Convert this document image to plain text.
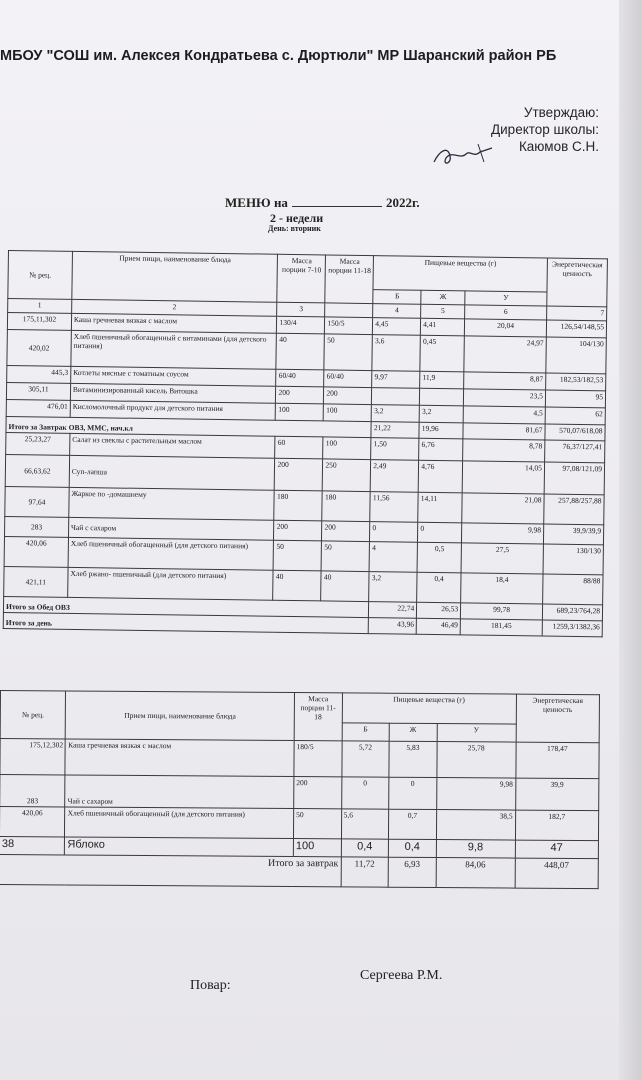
МБОУ "СОШ им. Алексея Кондратьева с. Дюртюли" МР Шаранский район РБ
Утверждаю:
Директор школы:
Каюмов С.Н.
МЕНЮ на	2022г.
2 - недели
День: вторник
№ рец.	Прием пищи, наименование блюда	Масса порции 7-10	Масса порции 11-18	Пищевые вещества (г)			Энергетическая ценность
				Б	Ж	У	
1	2	3		4	5	6	7
175,11,302	Каша гречневая вязкая с маслом	130/4	150/5	4,45	4,41	20,04	126,54/148,55
420,02	Хлеб пшеничный обогащенный с витаминами (для детского питания)	40	50	3,6	0,45	24,97	104/130
445,3	Котлеты мясные с томатным соусом	60/40	60/40	9,97	11,9	8,87	182,53/182,53
305,11	Витаминизированный кисель Витошка	200	200			23,5	95
476,01	Кисломолочный продукт для детского питания	100	100	3,2	3,2	4,5	62
Итого за Завтрак ОВЗ, ММС, нач.кл				21,22	19,96	81,67	570,07/618,08
25,23,27	Салат из свеклы с растительным маслом	60	100	1,50	6,76	8,78	76,37/127,41
66,63,62	Суп-лапша	200	250	2,49	4,76	14,05	97,08/121,09
97,64	Жаркое по -домашнему	180	180	11,56	14,11	21,08	257,88/257,88
283	Чай с сахаром	200	200	0	0	9,98	39,9/39,9
420,06	Хлеб пшеничный обогащенный (для детского питания)	50	50	4	0,5	27,5	130/130
421,11	Хлеб ржано- пшеничный (для детского питания)	40	40	3,2	0,4	18,4	88/88
Итого за Обед ОВЗ				22,74	26,53	99,78	689,23/764,28
Итого за день				43,96	46,49	181,45	1259,3/1382,36
№ рец.	Прием пищи, наименование блюда	Масса порции 11-18	Пищевые вещества (г)			Энергетическая ценность
			Б	Ж	У	
175,12,302	Каша гречневая вязкая с маслом	180/5	5,72	5,83	25,78	178,47
283	Чай с сахаром	200	0	0	9,98	39,9
420,06	Хлеб пшеничный обогащенный (для детского питания)	50	5,6	0,7	38,5	182,7
38	Яблоко	100	0,4	0,4	9,8	47
Итого за завтрак			11,72	6,93	84,06	448,07
Повар:
Сергеева Р.М.
